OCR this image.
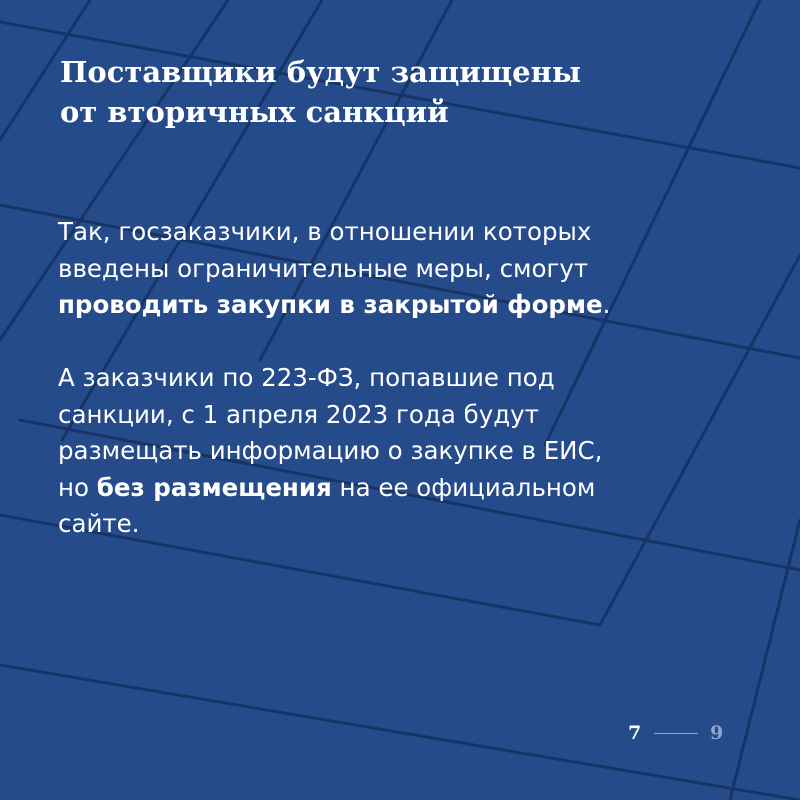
Поставщики будут защищены
от вторичных санкций

Так, госзаказчики, в отношении которых
введены ограничительные меры, смогут
проводить закупки в закрытой форме.

А заказчики по 223-ФЗ, попавшие под
санкции, с 1 апреля 2023 года будут
размещать информацию о закупке в ЕИС,
но без размещения на ее официальном
сайте.

7	9
